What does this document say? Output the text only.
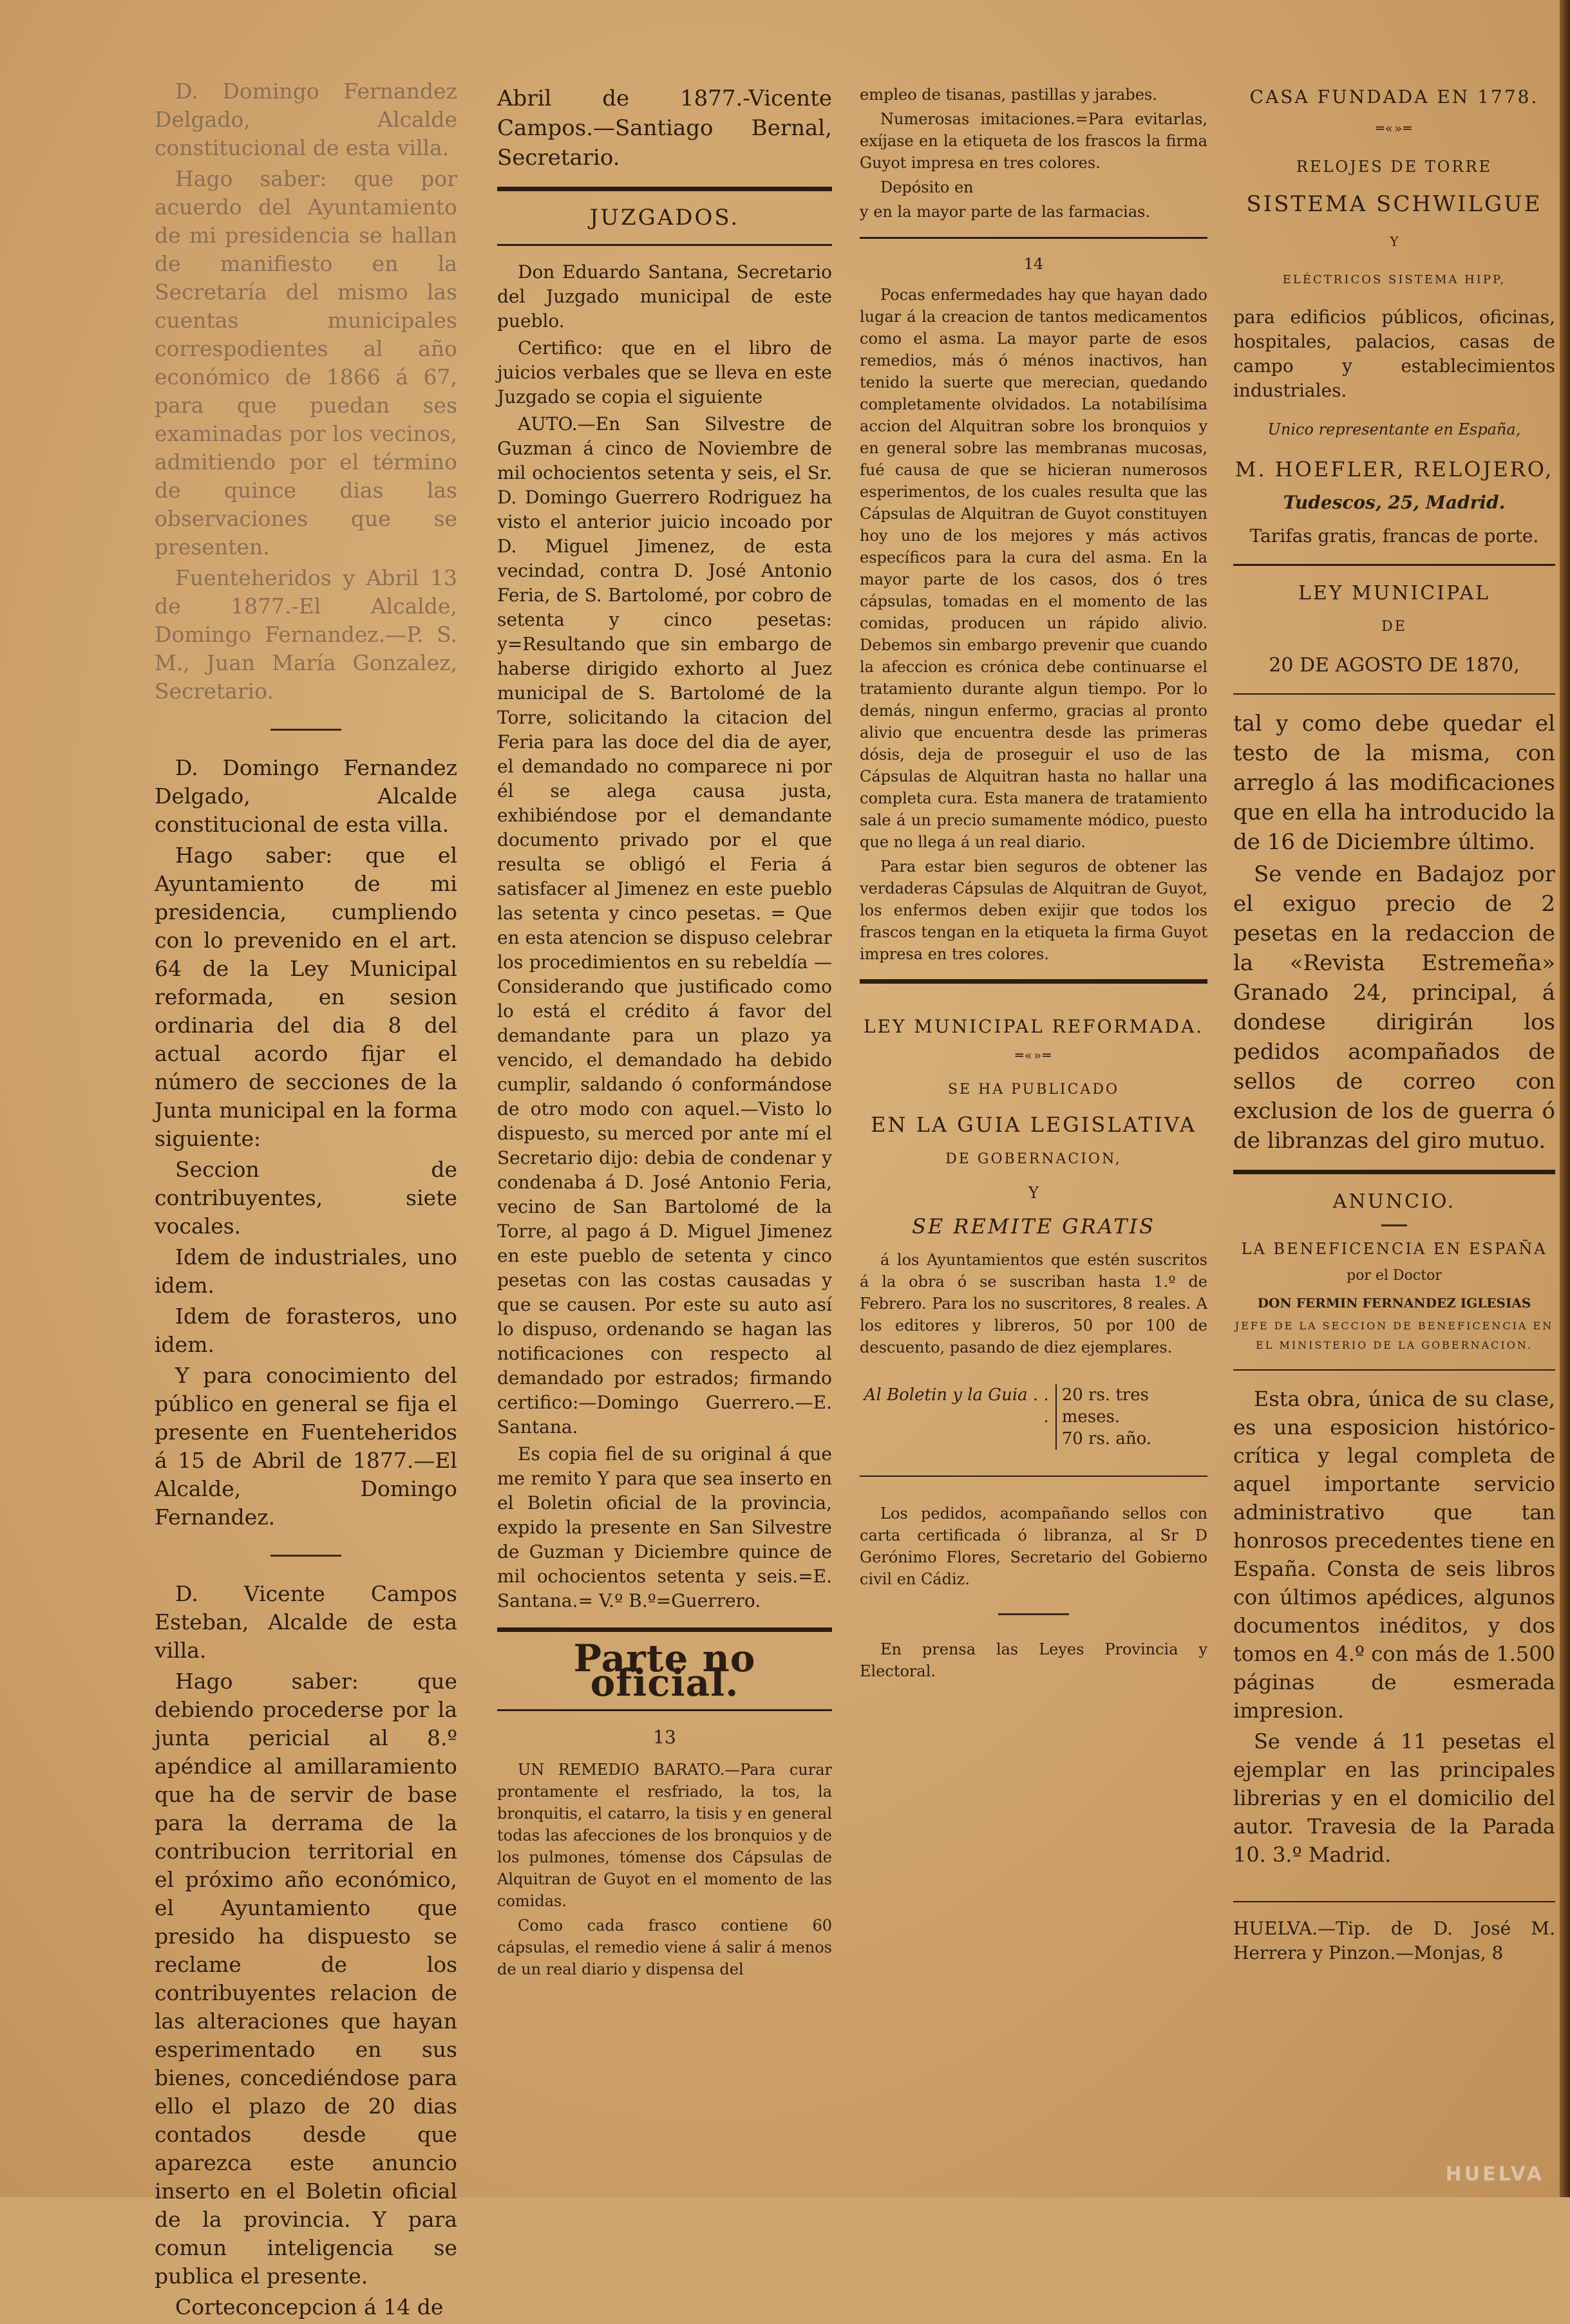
D. Domingo Fernandez Delgado, Alcalde constitucional de esta villa.

Hago saber: que por acuerdo del Ayuntamiento de mi presidencia se hallan de manifiesto en la Secretaría del mismo las cuentas municipales correspodientes al año económico de 1866 á 67, para que puedan ses examinadas por los vecinos, admitiendo por el término de quince dias las observaciones que se presenten.

Fuenteheridos y Abril 13 de 1877.-El Alcalde, Domingo Fernandez.—P. S. M., Juan María Gonzalez, Secretario.

D. Domingo Fernandez Delgado, Alcalde constitucional de esta villa.

Hago saber: que el Ayuntamiento de mi presidencia, cumpliendo con lo prevenido en el art. 64 de la Ley Municipal reformada, en sesion ordinaria del dia 8 del actual acordo fijar el número de secciones de la Junta municipal en la forma siguiente:

Seccion de contribuyentes, siete vocales.

Idem de industriales, uno idem.

Idem de forasteros, uno idem.

Y para conocimiento del público en general se fija el presente en Fuenteheridos á 15 de Abril de 1877.—El Alcalde, Domingo Fernandez.

D. Vicente Campos Esteban, Alcalde de esta villa.

Hago saber: que debiendo procederse por la junta pericial al 8.º apéndice al amillaramiento que ha de servir de base para la derrama de la contribucion territorial en el próximo año económico, el Ayuntamiento que presido ha dispuesto se reclame de los contribuyentes relacion de las alteraciones que hayan esperimentado en sus bienes, concediéndose para ello el plazo de 20 dias contados desde que aparezca este anuncio inserto en el Boletin oficial de la provincia. Y para comun inteligencia se publica el presente.

Corteconcepcion á 14 de

Abril de 1877.-Vicente Campos.—Santiago Bernal, Secretario.

JUZGADOS.

Don Eduardo Santana, Secretario del Juzgado municipal de este pueblo.

Certifico: que en el libro de juicios verbales que se lleva en este Juzgado se copia el siguiente

AUTO.—En San Silvestre de Guzman á cinco de Noviembre de mil ochocientos setenta y seis, el Sr. D. Domingo Guerrero Rodriguez ha visto el anterior juicio incoado por D. Miguel Jimenez, de esta vecindad, contra D. José Antonio Feria, de S. Bartolomé, por cobro de setenta y cinco pesetas: y=Resultando que sin embargo de haberse dirigido exhorto al Juez municipal de S. Bartolomé de la Torre, solicitando la citacion del Feria para las doce del dia de ayer, el demandado no comparece ni por él se alega causa justa, exhibiéndose por el demandante documento privado por el que resulta se obligó el Feria á satisfacer al Jimenez en este pueblo las setenta y cinco pesetas. = Que en esta atencion se dispuso celebrar los procedimientos en su rebeldía —Considerando que justificado como lo está el crédito á favor del demandante para un plazo ya vencido, el demandado ha debido cumplir, saldando ó conformándose de otro modo con aquel.—Visto lo dispuesto, su merced por ante mí el Secretario dijo: debia de condenar y condenaba á D. José Antonio Feria, vecino de San Bartolomé de la Torre, al pago á D. Miguel Jimenez en este pueblo de setenta y cinco pesetas con las costas causadas y que se causen. Por este su auto así lo dispuso, ordenando se hagan las notificaciones con respecto al demandado por estrados; firmando certifico:—Domingo Guerrero.—E. Santana.

Es copia fiel de su original á que me remito Y para que sea inserto en el Boletin oficial de la provincia, expido la presente en San Silvestre de Guzman y Diciembre quince de mil ochocientos setenta y seis.=E. Santana.= V.º B.º=Guerrero.

Parte no oficial.
13

UN REMEDIO BARATO.—Para curar prontamente el resfriado, la tos, la bronquitis, el catarro, la tisis y en general todas las afecciones de los bronquios y de los pulmones, tómense dos Cápsulas de Alquitran de Guyot en el momento de las comidas.

Como cada frasco contiene 60 cápsulas, el remedio viene á salir á menos de un real diario y dispensa del

empleo de tisanas, pastillas y jarabes.

Numerosas imitaciones.=Para evitarlas, exíjase en la etiqueta de los frascos la firma Guyot impresa en tres colores.

Depósito en

y en la mayor parte de las farmacias.

14

Pocas enfermedades hay que hayan dado lugar á la creacion de tantos medicamentos como el asma. La mayor parte de esos remedios, más ó ménos inactivos, han tenido la suerte que merecian, quedando completamente olvidados. La notabilísima accion del Alquitran sobre los bronquios y en general sobre las membranas mucosas, fué causa de que se hicieran numerosos esperimentos, de los cuales resulta que las Cápsulas de Alquitran de Guyot constituyen hoy uno de los mejores y más activos específicos para la cura del asma. En la mayor parte de los casos, dos ó tres cápsulas, tomadas en el momento de las comidas, producen un rápido alivio. Debemos sin embargo prevenir que cuando la afeccion es crónica debe continuarse el tratamiento durante algun tiempo. Por lo demás, ningun enfermo, gracias al pronto alivio que encuentra desde las primeras dósis, deja de proseguir el uso de las Cápsulas de Alquitran hasta no hallar una completa cura. Esta manera de tratamiento sale á un precio sumamente módico, puesto que no llega á un real diario.

Para estar bien seguros de obtener las verdaderas Cápsulas de Alquitran de Guyot, los enfermos deben exijir que todos los frascos tengan en la etiqueta la firma Guyot impresa en tres colores.

LEY MUNICIPAL REFORMADA.
═«»═
SE HA PUBLICADO
EN LA GUIA LEGISLATIVA
DE GOBERNACION,
Y
SE REMITE GRATIS

á los Ayuntamientos que estén suscritos á la obra ó se suscriban hasta 1.º de Febrero. Para los no suscritores, 8 reales. A los editores y libreros, 50 por 100 de descuento, pasando de diez ejemplares.

Al Boletin y la Guia . . .
20 rs. tres meses.
70 rs. año.

Los pedidos, acompañando sellos con carta certificada ó libranza, al Sr D Gerónimo Flores, Secretario del Gobierno civil en Cádiz.

En prensa las Leyes Provincia y Electoral.

CASA FUNDADA EN 1778.
═«»═
RELOJES DE TORRE
SISTEMA SCHWILGUE
Y
ELÉCTRICOS SISTEMA HIPP,

para edificios públicos, oficinas, hospitales, palacios, casas de campo y establecimientos industriales.

Unico representante en España,
M. HOEFLER, RELOJERO,
Tudescos, 25, Madrid.
Tarifas gratis, francas de porte.
LEY MUNICIPAL
DE
20 DE AGOSTO DE 1870,

tal y como debe quedar el testo de la misma, con arreglo á las modificaciones que en ella ha introducido la de 16 de Diciembre último.

Se vende en Badajoz por el exiguo precio de 2 pesetas en la redaccion de la «Revista Estremeña» Granado 24, principal, á dondese dirigirán los pedidos acompañados de sellos de correo con exclusion de los de guerra ó de libranzas del giro mutuo.

ANUNCIO.
LA BENEFICENCIA EN ESPAÑA
por el Doctor
DON FERMIN FERNANDEZ IGLESIAS
JEFE DE LA SECCION DE BENEFICENCIA EN EL MINISTERIO DE LA GOBERNACION.

Esta obra, única de su clase, es una esposicion histórico-crítica y legal completa de aquel importante servicio administrativo que tan honrosos precedentes tiene en España. Consta de seis libros con últimos apédices, algunos documentos inéditos, y dos tomos en 4.º con más de 1.500 páginas de esmerada impresion.

Se vende á 11 pesetas el ejemplar en las principales librerias y en el domicilio del autor. Travesia de la Parada 10. 3.º Madrid.

HUELVA.—Tip. de D. José M. Herrera y Pinzon.—Monjas, 8

HUELVA
